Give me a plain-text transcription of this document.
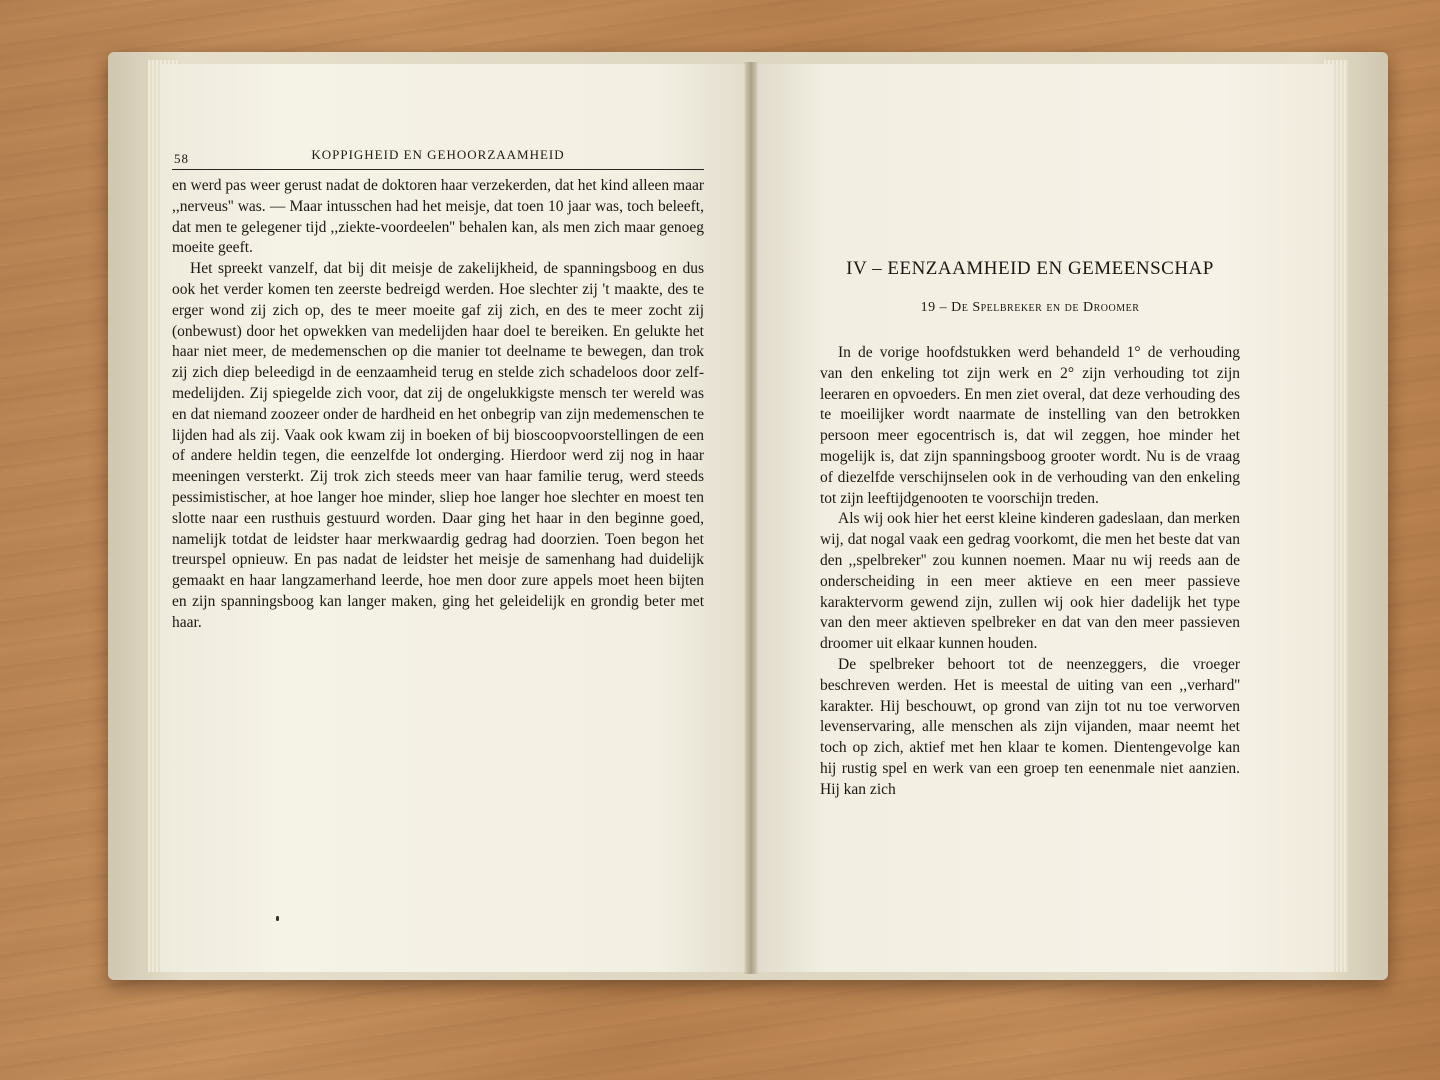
58	KOPPIGHEID EN GEHOORZAAMHEID

en werd pas weer gerust nadat de doktoren haar verzekerden, dat het kind alleen maar ,,nerveus'' was. — Maar intusschen had het meisje, dat toen 10 jaar was, toch beleeft, dat men te gelegener tijd ,,ziekte-voordeelen'' behalen kan, als men zich maar genoeg moeite geeft.

Het spreekt vanzelf, dat bij dit meisje de zakelijkheid, de spanningsboog en dus ook het verder komen ten zeerste bedreigd werden. Hoe slechter zij 't maakte, des te erger wond zij zich op, des te meer moeite gaf zij zich, en des te meer zocht zij (onbewust) door het opwekken van medelijden haar doel te bereiken. En gelukte het haar niet meer, de medemenschen op die manier tot deelname te bewegen, dan trok zij zich diep beleedigd in de eenzaamheid terug en stelde zich schadeloos door zelf-medelijden. Zij spiegelde zich voor, dat zij de ongelukkigste mensch ter wereld was en dat niemand zoozeer onder de hardheid en het onbegrip van zijn medemenschen te lijden had als zij. Vaak ook kwam zij in boeken of bij bioscoopvoorstellingen de een of andere heldin tegen, die eenzelfde lot onderging. Hierdoor werd zij nog in haar meeningen versterkt. Zij trok zich steeds meer van haar familie terug, werd steeds pessimistischer, at hoe langer hoe minder, sliep hoe langer hoe slechter en moest ten slotte naar een rusthuis gestuurd worden. Daar ging het haar in den beginne goed, namelijk totdat de leidster haar merkwaardig gedrag had doorzien. Toen begon het treurspel opnieuw. En pas nadat de leidster het meisje de samenhang had duidelijk gemaakt en haar langzamerhand leerde, hoe men door zure appels moet heen bijten en zijn spanningsboog kan langer maken, ging het geleidelijk en grondig beter met haar.

IV – EENZAAMHEID EN GEMEENSCHAP
19 – De Spelbreker en de Droomer

In de vorige hoofdstukken werd behandeld 1° de verhouding van den enkeling tot zijn werk en 2° zijn verhouding tot zijn leeraren en opvoeders. En men ziet overal, dat deze verhouding des te moeilijker wordt naarmate de instelling van den betrokken persoon meer egocentrisch is, dat wil zeggen, hoe minder het mogelijk is, dat zijn spanningsboog grooter wordt. Nu is de vraag of diezelfde verschijnselen ook in de verhouding van den enkeling tot zijn leeftijdgenooten te voorschijn treden.

Als wij ook hier het eerst kleine kinderen gadeslaan, dan merken wij, dat nogal vaak een gedrag voorkomt, die men het beste dat van den ,,spelbreker'' zou kunnen noemen. Maar nu wij reeds aan de onderscheiding in een meer aktieve en een meer passieve karaktervorm gewend zijn, zullen wij ook hier dadelijk het type van den meer aktieven spelbreker en dat van den meer passieven droomer uit elkaar kunnen houden.

De spelbreker behoort tot de neenzeggers, die vroeger beschreven werden. Het is meestal de uiting van een ,,verhard'' karakter. Hij beschouwt, op grond van zijn tot nu toe verworven levenservaring, alle menschen als zijn vijanden, maar neemt het toch op zich, aktief met hen klaar te komen. Dientengevolge kan hij rustig spel en werk van een groep ten eenenmale niet aanzien. Hij kan zich
